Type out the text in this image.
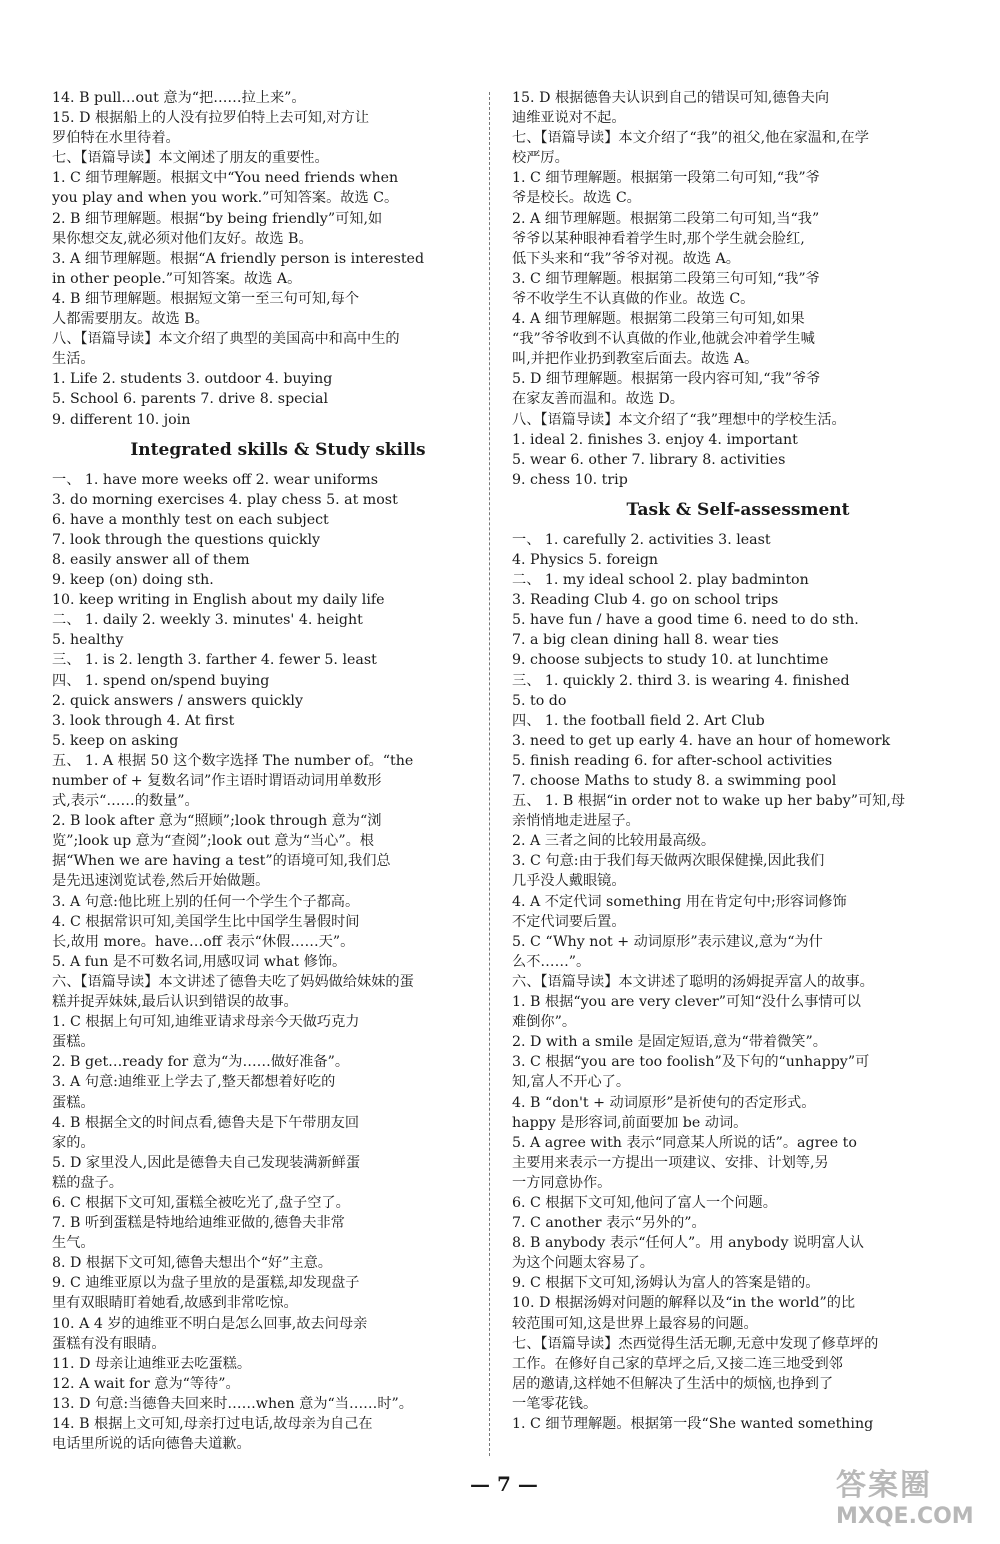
14. B pull…out 意为“把……拉上来”。
15. D 根据船上的人没有拉罗伯特上去可知,对方让
罗伯特在水里待着。
七、【语篇导读】本文阐述了朋友的重要性。
1. C 细节理解题。根据文中“You need friends when
you play and when you work.”可知答案。故选 C。
2. B 细节理解题。根据“by being friendly”可知,如
果你想交友,就必须对他们友好。故选 B。
3. A 细节理解题。根据“A friendly person is interested
in other people.”可知答案。故选 A。
4. B 细节理解题。根据短文第一至三句可知,每个
人都需要朋友。故选 B。
八、【语篇导读】本文介绍了典型的美国高中和高中生的
生活。
1. Life 2. students 3. outdoor 4. buying
5. School 6. parents 7. drive 8. special
9. different 10. join
Integrated skills & Study skills
一、 1. have more weeks off 2. wear uniforms
3. do morning exercises 4. play chess 5. at most
6. have a monthly test on each subject
7. look through the questions quickly
8. easily answer all of them
9. keep (on) doing sth.
10. keep writing in English about my daily life
二、 1. daily 2. weekly 3. minutes' 4. height
5. healthy
三、 1. is 2. length 3. farther 4. fewer 5. least
四、 1. spend on/spend buying
2. quick answers / answers quickly
3. look through 4. At first
5. keep on asking
五、 1. A 根据 50 这个数字选择 The number of。“the
number of + 复数名词”作主语时谓语动词用单数形
式,表示“……的数量”。
2. B look after 意为“照顾”;look through 意为“浏
览”;look up 意为“查阅”;look out 意为“当心”。根
据“When we are having a test”的语境可知,我们总
是先迅速浏览试卷,然后开始做题。
3. A 句意:他比班上别的任何一个学生个子都高。
4. C 根据常识可知,美国学生比中国学生暑假时间
长,故用 more。have…off 表示“休假……天”。
5. A fun 是不可数名词,用感叹词 what 修饰。
六、【语篇导读】本文讲述了德鲁夫吃了妈妈做给妹妹的蛋
糕并捉弄妹妹,最后认识到错误的故事。
1. C 根据上句可知,迪维亚请求母亲今天做巧克力
蛋糕。
2. B get…ready for 意为“为……做好准备”。
3. A 句意:迪维亚上学去了,整天都想着好吃的
蛋糕。
4. B 根据全文的时间点看,德鲁夫是下午带朋友回
家的。
5. D 家里没人,因此是德鲁夫自己发现装满新鲜蛋
糕的盘子。
6. C 根据下文可知,蛋糕全被吃光了,盘子空了。
7. B 听到蛋糕是特地给迪维亚做的,德鲁夫非常
生气。
8. D 根据下文可知,德鲁夫想出个“好”主意。
9. C 迪维亚原以为盘子里放的是蛋糕,却发现盘子
里有双眼睛盯着她看,故感到非常吃惊。
10. A 4 岁的迪维亚不明白是怎么回事,故去问母亲
蛋糕有没有眼睛。
11. D 母亲让迪维亚去吃蛋糕。
12. A wait for 意为“等待”。
13. D 句意:当德鲁夫回来时……when 意为“当……时”。
14. B 根据上文可知,母亲打过电话,故母亲为自己在
电话里所说的话向德鲁夫道歉。
15. D 根据德鲁夫认识到自己的错误可知,德鲁夫向
迪维亚说对不起。
七、【语篇导读】本文介绍了“我”的祖父,他在家温和,在学
校严厉。
1. C 细节理解题。根据第一段第二句可知,“我”爷
爷是校长。故选 C。
2. A 细节理解题。根据第二段第二句可知,当“我”
爷爷以某种眼神看着学生时,那个学生就会脸红,
低下头来和“我”爷爷对视。故选 A。
3. C 细节理解题。根据第二段第三句可知,“我”爷
爷不收学生不认真做的作业。故选 C。
4. A 细节理解题。根据第二段第三句可知,如果
“我”爷爷收到不认真做的作业,他就会冲着学生喊
叫,并把作业扔到教室后面去。故选 A。
5. D 细节理解题。根据第一段内容可知,“我”爷爷
在家友善而温和。故选 D。
八、【语篇导读】本文介绍了“我”理想中的学校生活。
1. ideal 2. finishes 3. enjoy 4. important
5. wear 6. other 7. library 8. activities
9. chess 10. trip
Task & Self-assessment
一、 1. carefully 2. activities 3. least
4. Physics 5. foreign
二、 1. my ideal school 2. play badminton
3. Reading Club 4. go on school trips
5. have fun / have a good time 6. need to do sth.
7. a big clean dining hall 8. wear ties
9. choose subjects to study 10. at lunchtime
三、 1. quickly 2. third 3. is wearing 4. finished
5. to do
四、 1. the football field 2. Art Club
3. need to get up early 4. have an hour of homework
5. finish reading 6. for after-school activities
7. choose Maths to study 8. a swimming pool
五、 1. B 根据“in order not to wake up her baby”可知,母
亲悄悄地走进屋子。
2. A 三者之间的比较用最高级。
3. C 句意:由于我们每天做两次眼保健操,因此我们
几乎没人戴眼镜。
4. A 不定代词 something 用在肯定句中;形容词修饰
不定代词要后置。
5. C “Why not + 动词原形”表示建议,意为“为什
么不……”。
六、【语篇导读】本文讲述了聪明的汤姆捉弄富人的故事。
1. B 根据“you are very clever”可知“没什么事情可以
难倒你”。
2. D with a smile 是固定短语,意为“带着微笑”。
3. C 根据“you are too foolish”及下句的“unhappy”可
知,富人不开心了。
4. B “don't + 动词原形”是祈使句的否定形式。
happy 是形容词,前面要加 be 动词。
5. A agree with 表示“同意某人所说的话”。agree to
主要用来表示一方提出一项建议、安排、计划等,另
一方同意协作。
6. C 根据下文可知,他问了富人一个问题。
7. C another 表示“另外的”。
8. B anybody 表示“任何人”。用 anybody 说明富人认
为这个问题太容易了。
9. C 根据下文可知,汤姆认为富人的答案是错的。
10. D 根据汤姆对问题的解释以及“in the world”的比
较范围可知,这是世界上最容易的问题。
七、【语篇导读】杰西觉得生活无聊,无意中发现了修草坪的
工作。在修好自己家的草坪之后,又接二连三地受到邻
居的邀请,这样她不但解决了生活中的烦恼,也挣到了
一笔零花钱。
1. C 细节理解题。根据第一段“She wanted something
— 7 —	答案圈
MXQE.COM
